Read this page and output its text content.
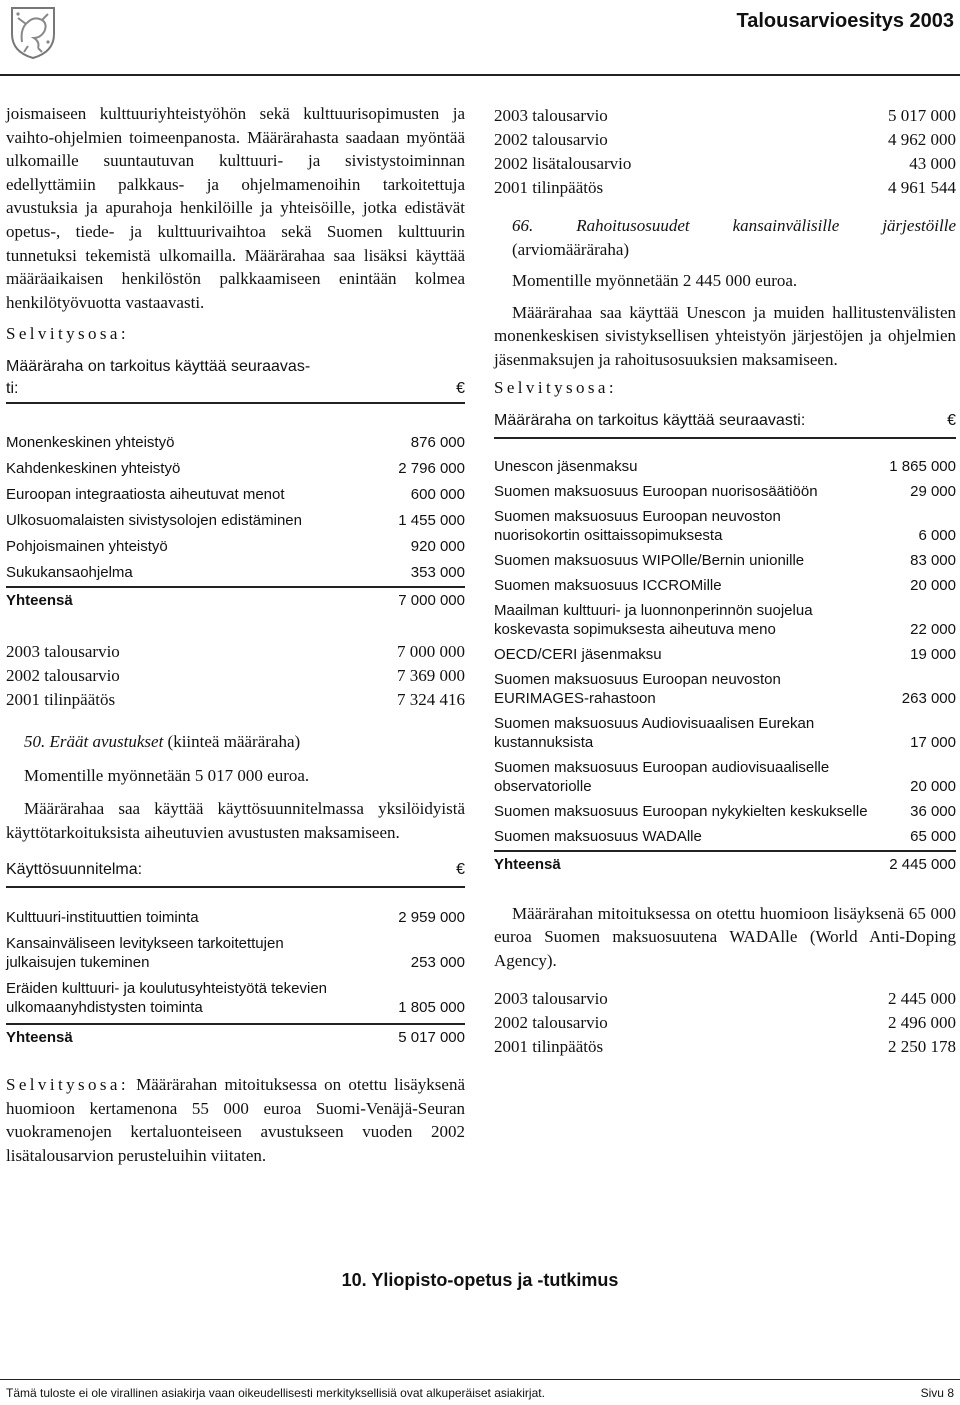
Talousarvioesitys 2003

joismaiseen kulttuuriyhteistyöhön sekä kulttuurisopimusten ja vaihto-ohjelmien toimeenpanosta. Määrärahasta saadaan myöntää ulkomaille suuntautuvan kulttuuri- ja sivistystoiminnan edellyttämiin palkkaus- ja ohjelmamenoihin tarkoitettuja avustuksia ja apurahoja henkilöille ja yhteisöille, jotka edistävät opetus-, tiede- ja kulttuurivaihtoa sekä Suomen kulttuurin tunnetuksi tekemistä ulkomailla. Määrärahaa saa lisäksi käyttää määräaikaisen henkilöstön palkkaamiseen enintään kolmea henkilötyövuotta vastaavasti.

Selvitysosa:
Määräraha on tarkoitus käyttää seuraavas-
ti:	€
Monenkeskinen yhteistyö	876 000
Kahdenkeskinen yhteistyö	2 796 000
Euroopan integraatiosta aiheutuvat menot	600 000
Ulkosuomalaisten sivistysolojen edistäminen	1 455 000
Pohjoismainen yhteistyö	920 000
Sukukansaohjelma	353 000
Yhteensä	7 000 000
2003 talousarvio	7 000 000
2002 talousarvio	7 369 000
2001 tilinpäätös	7 324 416
50. Eräät avustukset (kiinteä määräraha)
Momentille myönnetään 5 017 000 euroa.

Määrärahaa saa käyttää käyttösuunnitelmassa yksilöidyistä käyttötarkoituksista aiheutuvien avustusten maksamiseen.

Käyttösuunnitelma:	€
Kulttuuri-instituuttien toiminta	2 959 000
Kansainväliseen levitykseen tarkoitettujen julkaisujen tukeminen	253 000
Eräiden kulttuuri- ja koulutusyhteistyötä tekevien ulkomaanyhdistysten toiminta	1 805 000
Yhteensä	5 017 000

Selvitysosa: Määrärahan mitoituksessa on otettu lisäyksenä huomioon kertamenona 55 000 euroa Suomi-Venäjä-Seuran vuokramenojen kertaluonteiseen avustukseen vuoden 2002 lisätalousarvion perusteluihin viitaten.

2003 talousarvio	5 017 000
2002 talousarvio	4 962 000
2002 lisätalousarvio	43 000
2001 tilinpäätös	4 961 544

66.	Rahoitusosuudet kansainvälisille järjestöille (arviomääräraha)

Momentille myönnetään 2 445 000 euroa.

Määrärahaa saa käyttää Unescon ja muiden hallitustenvälisten monenkeskisen sivistyksellisen yhteistyön järjestöjen ja ohjelmien jäsenmaksujen ja rahoitusosuuksien maksamiseen.

Selvitysosa:
Määräraha on tarkoitus käyttää seuraavasti:	€
Unescon jäsenmaksu	1 865 000
Suomen maksuosuus Euroopan nuorisosäätiöön	29 000
Suomen maksuosuus Euroopan neuvoston nuorisokortin osittaissopimuksesta	6 000
Suomen maksuosuus WIPOlle/Bernin unionille	83 000
Suomen maksuosuus ICCROMille	20 000
Maailman kulttuuri- ja luonnonperinnön suojelua koskevasta sopimuksesta aiheutuva meno	22 000
OECD/CERI jäsenmaksu	19 000
Suomen maksuosuus Euroopan neuvoston EURIMAGES-rahastoon	263 000
Suomen maksuosuus Audiovisuaalisen Eurekan kustannuksista	17 000
Suomen maksuosuus Euroopan audiovisuaaliselle observatoriolle	20 000
Suomen maksuosuus Euroopan nykykielten keskukselle	36 000
Suomen maksuosuus WADAlle	65 000
Yhteensä	2 445 000

Määrärahan mitoituksessa on otettu huomioon lisäyksenä 65 000 euroa Suomen maksuosuutena WADAlle (World Anti-Doping Agency).

2003 talousarvio	2 445 000
2002 talousarvio	2 496 000
2001 tilinpäätös	2 250 178
10. Yliopisto-opetus ja -tutkimus
Tämä tuloste ei ole virallinen asiakirja vaan oikeudellisesti merkityksellisiä ovat alkuperäiset asiakirjat.	Sivu 8
